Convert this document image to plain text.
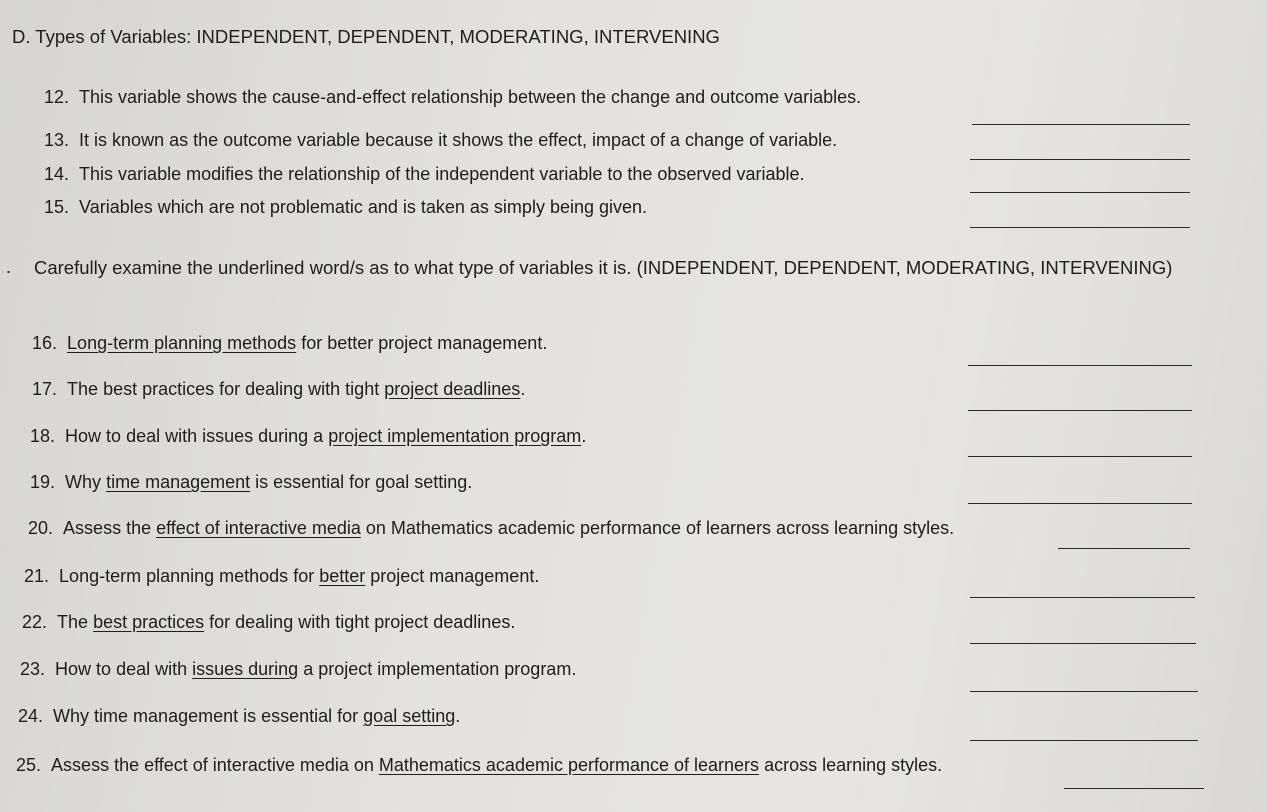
D. Types of Variables: INDEPENDENT, DEPENDENT, MODERATING, INTERVENING
12. This variable shows the cause-and-effect relationship between the change and outcome variables.
13. It is known as the outcome variable because it shows the effect, impact of a change of variable.
14. This variable modifies the relationship of the independent variable to the observed variable.
15. Variables which are not problematic and is taken as simply being given.
. Carefully examine the underlined word/s as to what type of variables it is. (INDEPENDENT, DEPENDENT, MODERATING, INTERVENING)
16. Long-term planning methods for better project management.
17. The best practices for dealing with tight project deadlines.
18. How to deal with issues during a project implementation program.
19. Why time management is essential for goal setting.
20. Assess the effect of interactive media on Mathematics academic performance of learners across learning styles.
21. Long-term planning methods for better project management.
22. The best practices for dealing with tight project deadlines.
23. How to deal with issues during a project implementation program.
24. Why time management is essential for goal setting.
25. Assess the effect of interactive media on Mathematics academic performance of learners across learning styles.
